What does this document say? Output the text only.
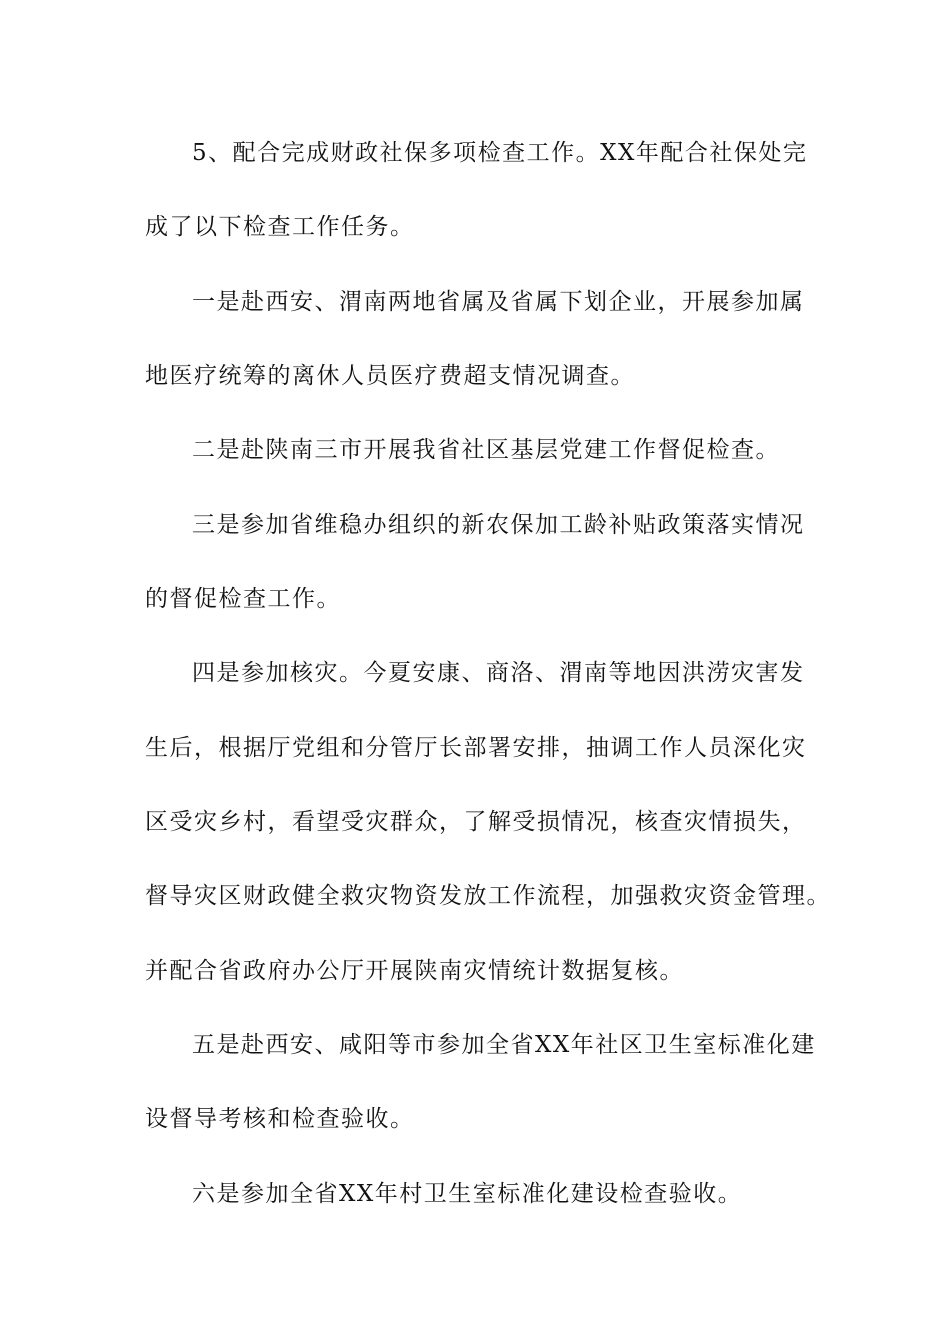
5、配合完成财政社保多项检查工作。XX年配合社保处完
成了以下检查工作任务。
一是赴西安、渭南两地省属及省属下划企业，开展参加属
地医疗统筹的离休人员医疗费超支情况调查。
二是赴陕南三市开展我省社区基层党建工作督促检查。
三是参加省维稳办组织的新农保加工龄补贴政策落实情况
的督促检查工作。
四是参加核灾。今夏安康、商洛、渭南等地因洪涝灾害发
生后，根据厅党组和分管厅长部署安排，抽调工作人员深化灾
区受灾乡村，看望受灾群众，了解受损情况，核查灾情损失，
督导灾区财政健全救灾物资发放工作流程，加强救灾资金管理。
并配合省政府办公厅开展陕南灾情统计数据复核。
五是赴西安、咸阳等市参加全省XX年社区卫生室标准化建
设督导考核和检查验收。
六是参加全省XX年村卫生室标准化建设检查验收。
